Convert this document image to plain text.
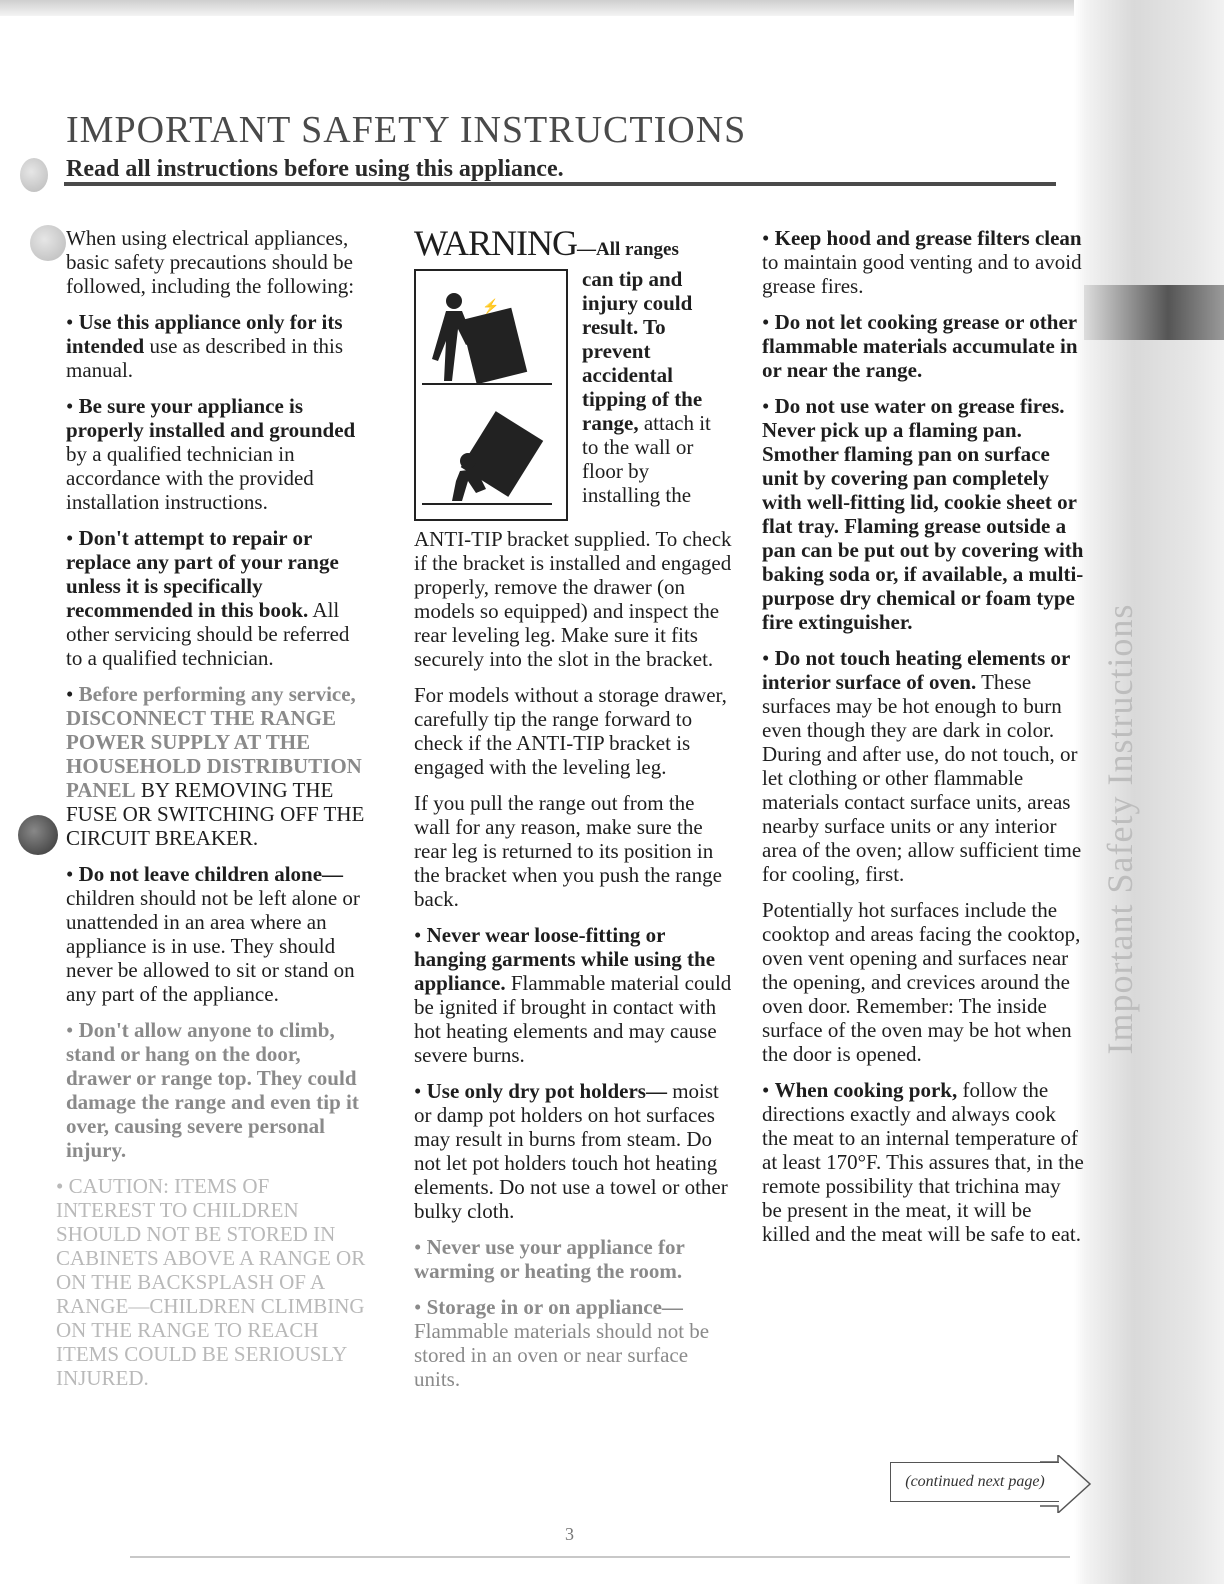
Important Safety Instructions
IMPORTANT SAFETY INSTRUCTIONS
Read all instructions before using this appliance.

When using electrical appliances, basic safety precautions should be followed, including the following:

• Use this appliance only for its intended use as described in this manual.

• Be sure your appliance is properly installed and grounded by a qualified technician in accordance with the provided installation instructions.

• Don't attempt to repair or replace any part of your range unless it is specifically recommended in this book. All other servicing should be referred to a qualified technician.

• Before performing any service, DISCONNECT THE RANGE POWER SUPPLY AT THE HOUSEHOLD DISTRIBUTION PANEL BY REMOVING THE FUSE OR SWITCHING OFF THE CIRCUIT BREAKER.

• Do not leave children alone—children should not be left alone or unattended in an area where an appliance is in use. They should never be allowed to sit or stand on any part of the appliance.

• Don't allow anyone to climb, stand or hang on the door, drawer or range top. They could damage the range and even tip it over, causing severe personal injury.

• CAUTION: ITEMS OF INTEREST TO CHILDREN SHOULD NOT BE STORED IN CABINETS ABOVE A RANGE OR ON THE BACKSPLASH OF A RANGE—CHILDREN CLIMBING ON THE RANGE TO REACH ITEMS COULD BE SERIOUSLY INJURED.

WARNING—All ranges
⚡
can tip and injury could result. To prevent accidental tipping of the range, attach it to the wall or floor by installing the

ANTI-TIP bracket supplied. To check if the bracket is installed and engaged properly, remove the drawer (on models so equipped) and inspect the rear leveling leg. Make sure it fits securely into the slot in the bracket.

For models without a storage drawer, carefully tip the range forward to check if the ANTI-TIP bracket is engaged with the leveling leg.

If you pull the range out from the wall for any reason, make sure the rear leg is returned to its position in the bracket when you push the range back.

• Never wear loose-fitting or hanging garments while using the appliance. Flammable material could be ignited if brought in contact with hot heating elements and may cause severe burns.

• Use only dry pot holders— moist or damp pot holders on hot surfaces may result in burns from steam. Do not let pot holders touch hot heating elements. Do not use a towel or other bulky cloth.

• Never use your appliance for warming or heating the room.

• Storage in or on appliance— Flammable materials should not be stored in an oven or near surface units.

• Keep hood and grease filters clean to maintain good venting and to avoid grease fires.

• Do not let cooking grease or other flammable materials accumulate in or near the range.

• Do not use water on grease fires. Never pick up a flaming pan. Smother flaming pan on surface unit by covering pan completely with well-fitting lid, cookie sheet or flat tray. Flaming grease outside a pan can be put out by covering with baking soda or, if available, a multi-purpose dry chemical or foam type fire extinguisher.

• Do not touch heating elements or interior surface of oven. These surfaces may be hot enough to burn even though they are dark in color. During and after use, do not touch, or let clothing or other flammable materials contact surface units, areas nearby surface units or any interior area of the oven; allow sufficient time for cooling, first.

Potentially hot surfaces include the cooktop and areas facing the cooktop, oven vent opening and surfaces near the opening, and crevices around the oven door. Remember: The inside surface of the oven may be hot when the door is opened.

• When cooking pork, follow the directions exactly and always cook the meat to an internal temperature of at least 170°F. This assures that, in the remote possibility that trichina may be present in the meat, it will be killed and the meat will be safe to eat.

(continued next page)
3
